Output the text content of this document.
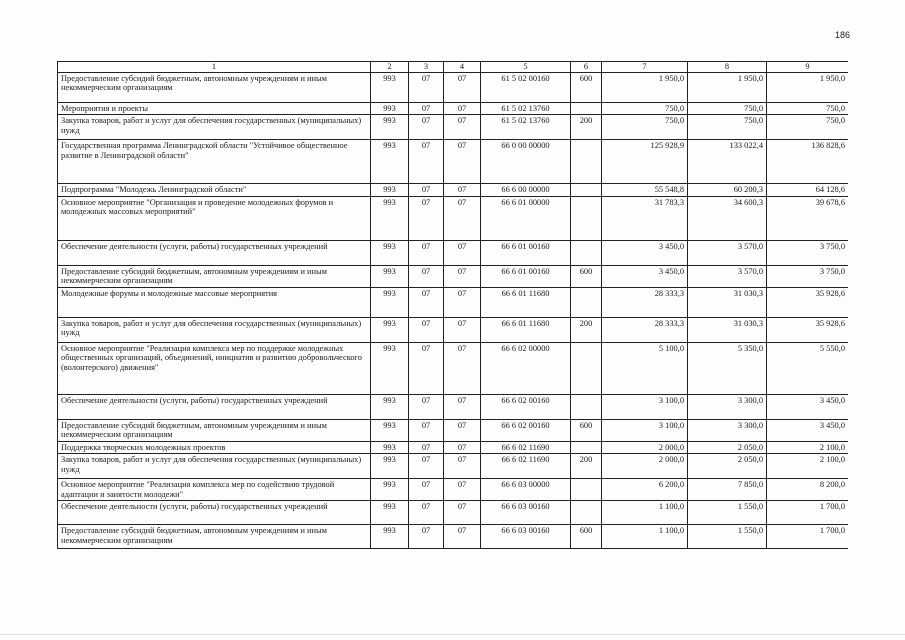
186
1	2	3	4	5	6	7	8	9
Предоставление субсидий бюджетным, автономным учреждениям и иным некоммерческим организациям	993	07	07	61 5 02 00160	600	1 950,0	1 950,0	1 950,0
Мероприятия и проекты	993	07	07	61 5 02 13760		750,0	750,0	750,0
Закупка товаров, работ и услуг для обеспечения государственных (муниципальных) нужд	993	07	07	61 5 02 13760	200	750,0	750,0	750,0
Государственная программа Ленинградской области "Устойчивое общественное развитие в Ленинградской области"	993	07	07	66 0 00 00000		125 928,9	133 022,4	136 828,6
Подпрограмма "Молодежь Ленинградской области"	993	07	07	66 6 00 00000		55 548,8	60 200,3	64 128,6
Основное мероприятие "Организация и проведение молодежных форумов и молодежных массовых мероприятий"	993	07	07	66 6 01 00000		31 783,3	34 600,3	39 678,6
Обеспечение деятельности (услуги, работы) государственных учреждений	993	07	07	66 6 01 00160		3 450,0	3 570,0	3 750,0
Предоставление субсидий бюджетным, автономным учреждениям и иным некоммерческим организациям	993	07	07	66 6 01 00160	600	3 450,0	3 570,0	3 750,0
Молодежные форумы и молодежные массовые мероприятия	993	07	07	66 6 01 11680		28 333,3	31 030,3	35 928,6
Закупка товаров, работ и услуг для обеспечения государственных (муниципальных) нужд	993	07	07	66 6 01 11680	200	28 333,3	31 030,3	35 928,6
Основное мероприятие "Реализация комплекса мер по поддержке молодежных общественных организаций, объединений, инициатив и развитию добровольческого (волонтерского) движения"	993	07	07	66 6 02 00000		5 100,0	5 350,0	5 550,0
Обеспечение деятельности (услуги, работы) государственных учреждений	993	07	07	66 6 02 00160		3 100,0	3 300,0	3 450,0
Предоставление субсидий бюджетным, автономным учреждениям и иным некоммерческим организациям	993	07	07	66 6 02 00160	600	3 100,0	3 300,0	3 450,0
Поддержка творческих молодежных проектов	993	07	07	66 6 02 11690		2 000,0	2 050,0	2 100,0
Закупка товаров, работ и услуг для обеспечения государственных (муниципальных) нужд	993	07	07	66 6 02 11690	200	2 000,0	2 050,0	2 100,0
Основное мероприятие "Реализация комплекса мер по содействию трудовой адаптации и занятости молодежи"	993	07	07	66 6 03 00000		6 200,0	7 850,0	8 200,0
Обеспечение деятельности (услуги, работы) государственных учреждений	993	07	07	66 6 03 00160		1 100,0	1 550,0	1 700,0
Предоставление субсидий бюджетным, автономным учреждениям и иным некоммерческим организациям	993	07	07	66 6 03 00160	600	1 100,0	1 550,0	1 700,0
